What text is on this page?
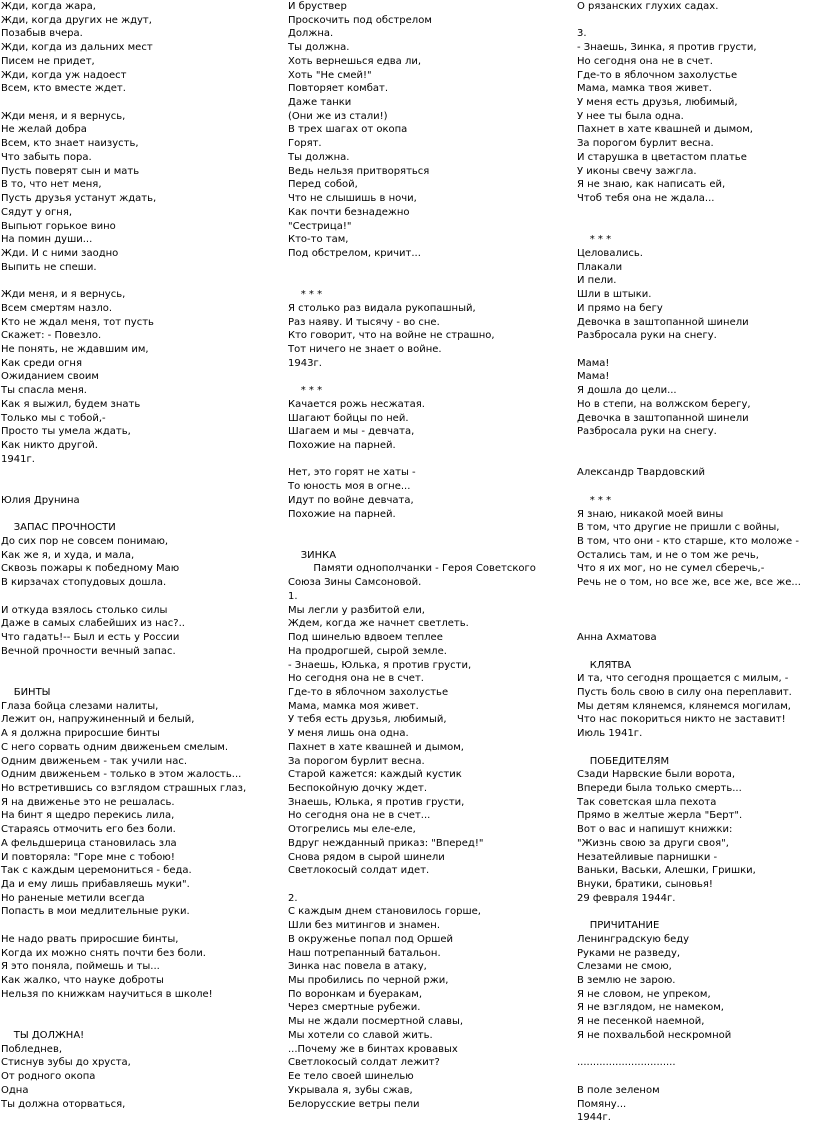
Жди, когда жара,
Жди, когда других не ждут,
Позабыв вчера.
Жди, когда из дальних мест
Писем не придет,
Жди, когда уж надоест
Всем, кто вместе ждет.
Жди меня, и я вернусь,
Не желай добра
Всем, кто знает наизусть,
Что забыть пора.
Пусть поверят сын и мать
В то, что нет меня,
Пусть друзья устанут ждать,
Сядут у огня,
Выпьют горькое вино
На помин души...
Жди. И с ними заодно
Выпить не спеши.
Жди меня, и я вернусь,
Всем смертям назло.
Кто не ждал меня, тот пусть
Скажет: - Повезло.
Не понять, не ждавшим им,
Как среди огня
Ожиданием своим
Ты спасла меня.
Как я выжил, будем знать
Только мы с тобой,-
Просто ты умела ждать,
Как никто другой.
1941г.
Юлия Друнина
ЗАПАС ПРОЧНОСТИ
До сих пор не совсем понимаю,
Как же я, и худа, и мала,
Сквозь пожары к победному Маю
В кирзачах стопудовых дошла.
И откуда взялось столько силы
Даже в самых слабейших из нас?..
Что гадать!-- Был и есть у России
Вечной прочности вечный запас.
БИНТЫ
Глаза бойца слезами налиты,
Лежит он, напружиненный и белый,
А я должна приросшие бинты
С него сорвать одним движеньем смелым.
Одним движеньем - так учили нас.
Одним движеньем - только в этом жалость...
Но встретившись со взглядом страшных глаз,
Я на движенье это не решалась.
На бинт я щедро перекись лила,
Стараясь отмочить его без боли.
А фельдшерица становилась зла
И повторяла: "Горе мне с тобою!
Так с каждым церемониться - беда.
Да и ему лишь прибавляешь муки".
Но раненые метили всегда
Попасть в мои медлительные руки.
Не надо рвать приросшие бинты,
Когда их можно снять почти без боли.
Я это поняла, поймешь и ты...
Как жалко, что науке доброты
Нельзя по книжкам научиться в школе!
ТЫ ДОЛЖНА!
Побледнев,
Стиснув зубы до хруста,
От родного окопа
Одна
Ты должна оторваться,
И бруствер
Проскочить под обстрелом
Должна.
Ты должна.
Хоть вернешься едва ли,
Хоть "Не смей!"
Повторяет комбат.
Даже танки
(Они же из стали!)
В трех шагах от окопа
Горят.
Ты должна.
Ведь нельзя притворяться
Перед собой,
Что не слышишь в ночи,
Как почти безнадежно
"Сестрица!"
Кто-то там,
Под обстрелом, кричит...
* * *
Я столько раз видала рукопашный,
Раз наяву. И тысячу - во сне.
Кто говорит, что на войне не страшно,
Тот ничего не знает о войне.
1943г.
* * *
Качается рожь несжатая.
Шагают бойцы по ней.
Шагаем и мы - девчата,
Похожие на парней.
Нет, это горят не хаты -
То юность моя в огне...
Идут по войне девчата,
Похожие на парней.
ЗИНКА
Памяти однополчанки - Героя Советского
Союза Зины Самсоновой.
1.
Мы легли у разбитой ели,
Ждем, когда же начнет светлеть.
Под шинелью вдвоем теплее
На продрогшей, сырой земле.
- Знаешь, Юлька, я против грусти,
Но сегодня она не в счет.
Где-то в яблочном захолустье
Мама, мамка моя живет.
У тебя есть друзья, любимый,
У меня лишь она одна.
Пахнет в хате квашней и дымом,
За порогом бурлит весна.
Старой кажется: каждый кустик
Беспокойную дочку ждет.
Знаешь, Юлька, я против грусти,
Но сегодня она не в счет...
Отогрелись мы еле-еле,
Вдруг нежданный приказ: "Вперед!"
Снова рядом в сырой шинели
Светлокосый солдат идет.
2.
С каждым днем становилось горше,
Шли без митингов и знамен.
В окруженье попал под Оршей
Наш потрепанный батальон.
Зинка нас повела в атаку,
Мы пробились по черной ржи,
По воронкам и буеракам,
Через смертные рубежи.
Мы не ждали посмертной славы,
Мы хотели со славой жить.
...Почему же в бинтах кровавых
Светлокосый солдат лежит?
Ее тело своей шинелью
Укрывала я, зубы сжав,
Белорусские ветры пели
О рязанских глухих садах.
3.
- Знаешь, Зинка, я против грусти,
Но сегодня она не в счет.
Где-то в яблочном захолустье
Мама, мамка твоя живет.
У меня есть друзья, любимый,
У нее ты была одна.
Пахнет в хате квашней и дымом,
За порогом бурлит весна.
И старушка в цветастом платье
У иконы свечу зажгла.
Я не знаю, как написать ей,
Чтоб тебя она не ждала...
* * *
Целовались.
Плакали
И пели.
Шли в штыки.
И прямо на бегу
Девочка в заштопанной шинели
Разбросала руки на снегу.
Мама!
Мама!
Я дошла до цели...
Но в степи, на волжском берегу,
Девочка в заштопанной шинели
Разбросала руки на снегу.
Александр Твардовский
* * *
Я знаю, никакой моей вины
В том, что другие не пришли с войны,
В том, что они - кто старше, кто моложе -
Остались там, и не о том же речь,
Что я их мог, но не сумел сберечь,-
Речь не о том, но все же, все же, все же...
Анна Ахматова
КЛЯТВА
И та, что сегодня прощается с милым, -
Пусть боль свою в силу она переплавит.
Мы детям клянемся, клянемся могилам,
Что нас покориться никто не заставит!
Июль 1941г.
ПОБЕДИТЕЛЯМ
Сзади Нарвские были ворота,
Впереди была только смерть...
Так советская шла пехота
Прямо в желтые жерла "Берт".
Вот о вас и напишут книжки:
"Жизнь свою за други своя",
Незатейливые парнишки -
Ваньки, Васьки, Алешки, Гришки,
Внуки, братики, сыновья!
29 февраля 1944г.
ПРИЧИТАНИЕ
Ленинградскую беду
Руками не разведу,
Слезами не смою,
В землю не зарою.
Я не словом, не упреком,
Я не взглядом, не намеком,
Я не песенкой наемной,
Я не похвальбой нескромной
...............................
В поле зеленом
Помяну...
1944г.
